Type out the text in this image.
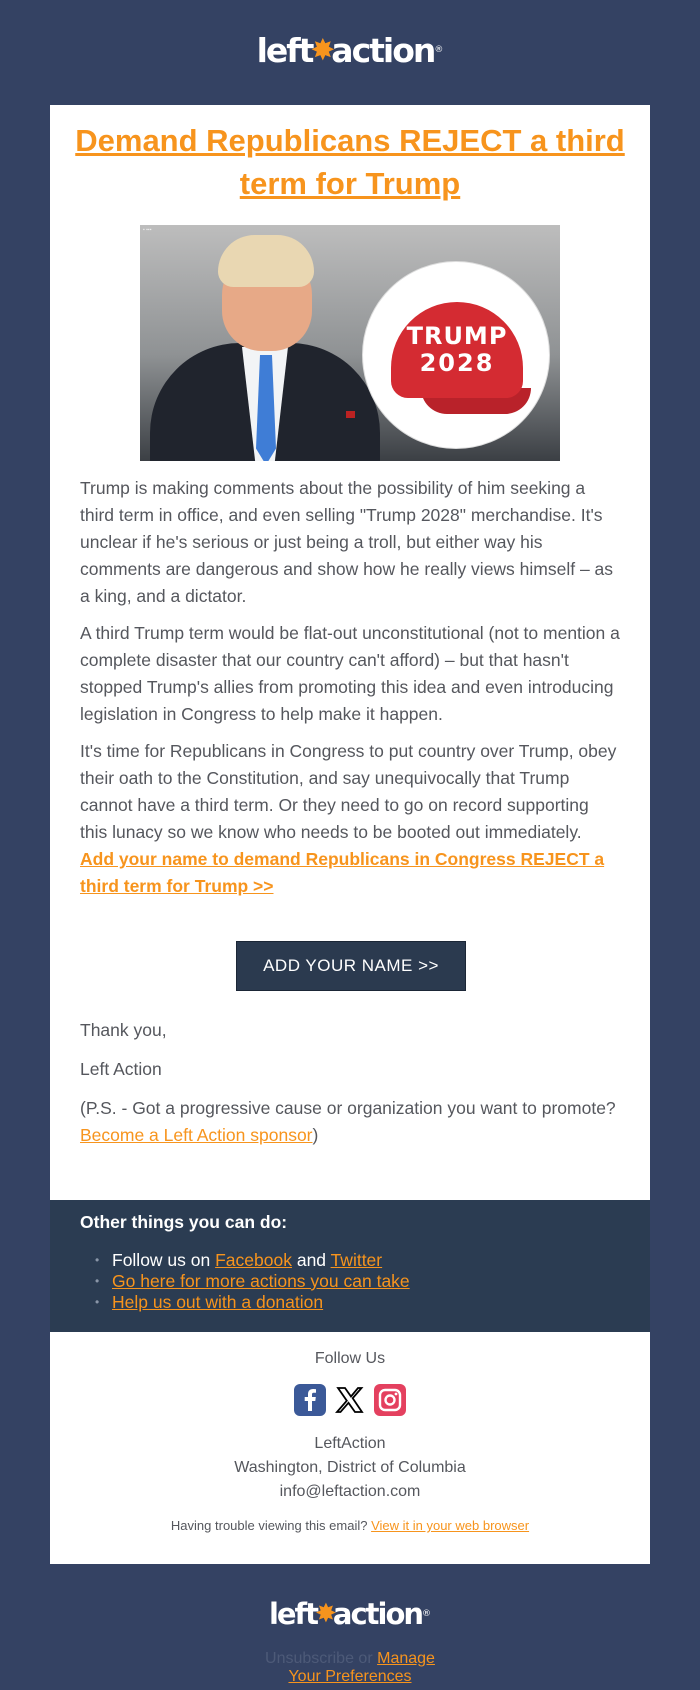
left
✸
action ®
Demand Republicans REJECT a third term for Trump
▪ ▪▪▪
TRUMP
2028
▪▪▪▪▪

Trump is making comments about the possibility of him seeking a third term in office, and even selling "Trump 2028" merchandise. It's unclear if he's serious or just being a troll, but either way his comments are dangerous and show how he really views himself – as a king, and a dictator.

A third Trump term would be flat-out unconstitutional (not to mention a complete disaster that our country can't afford) – but that hasn't stopped Trump's allies from promoting this idea and even introducing legislation in Congress to help make it happen.

It's time for Republicans in Congress to put country over Trump, obey their oath to the Constitution, and say unequivocally that Trump cannot have a third term. Or they need to go on record supporting this lunacy so we know who needs to be booted out immediately. Add your name to demand Republicans in Congress REJECT a third term for Trump >>

ADD YOUR NAME >>

Thank you,

Left Action

(P.S. - Got a progressive cause or organization you want to promote? Become a Left Action sponsor)

Other things you can do:
• Follow us on Facebook and Twitter
• Go here for more actions you can take
• Help us out with a donation
Follow Us
LeftAction
Washington, District of Columbia
info@leftaction.com
Having trouble viewing this email? View it in your web browser
left
✸
action ®
Unsubscribe or Manage
Your Preferences
